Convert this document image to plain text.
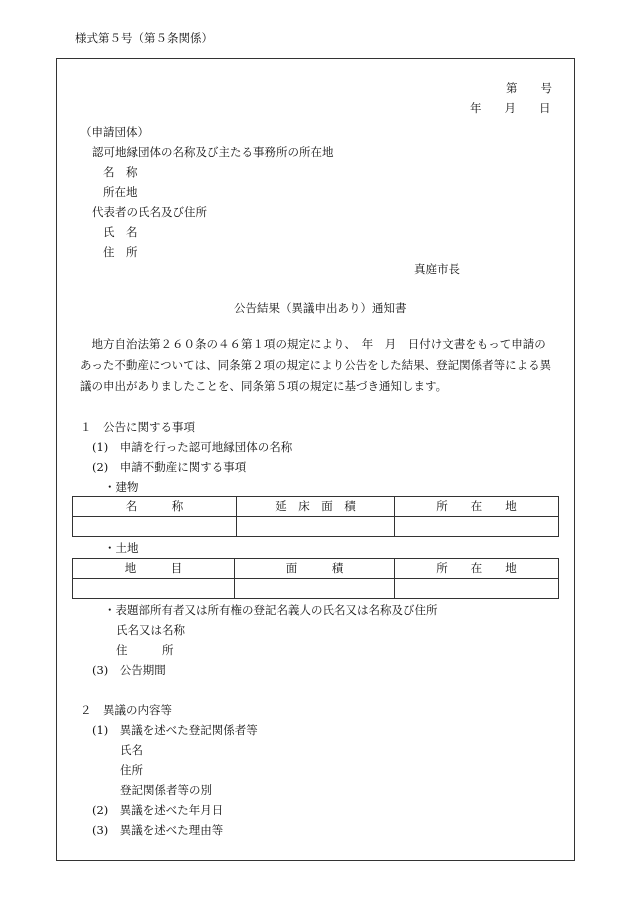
様式第５号（第５条関係）
第　　号
年　　月　　日
（申請団体）
認可地縁団体の名称及び主たる事務所の所在地
名　称
所在地
代表者の氏名及び住所
氏　名
住　所
真庭市長
公告結果（異議申出あり）通知書
　地方自治法第２６０条の４６第１項の規定により、　年　月　日付け文書をもって申請のあった不動産については、同条第２項の規定により公告をした結果、登記関係者等による異議の申出がありましたことを、同条第５項の規定に基づき通知します。
１　公告に関する事項
(1)　申請を行った認可地縁団体の名称
(2)　申請不動産に関する事項
・建物
名　　　称	延　床　面　積	所　　在　　地

・土地
地　　　目	面　　　積	所　　在　　地

・表題部所有者又は所有権の登記名義人の氏名又は名称及び住所
氏名又は名称
住　　　所
(3)　公告期間
２　異議の内容等
(1)　異議を述べた登記関係者等
氏名
住所
登記関係者等の別
(2)　異議を述べた年月日
(3)　異議を述べた理由等
